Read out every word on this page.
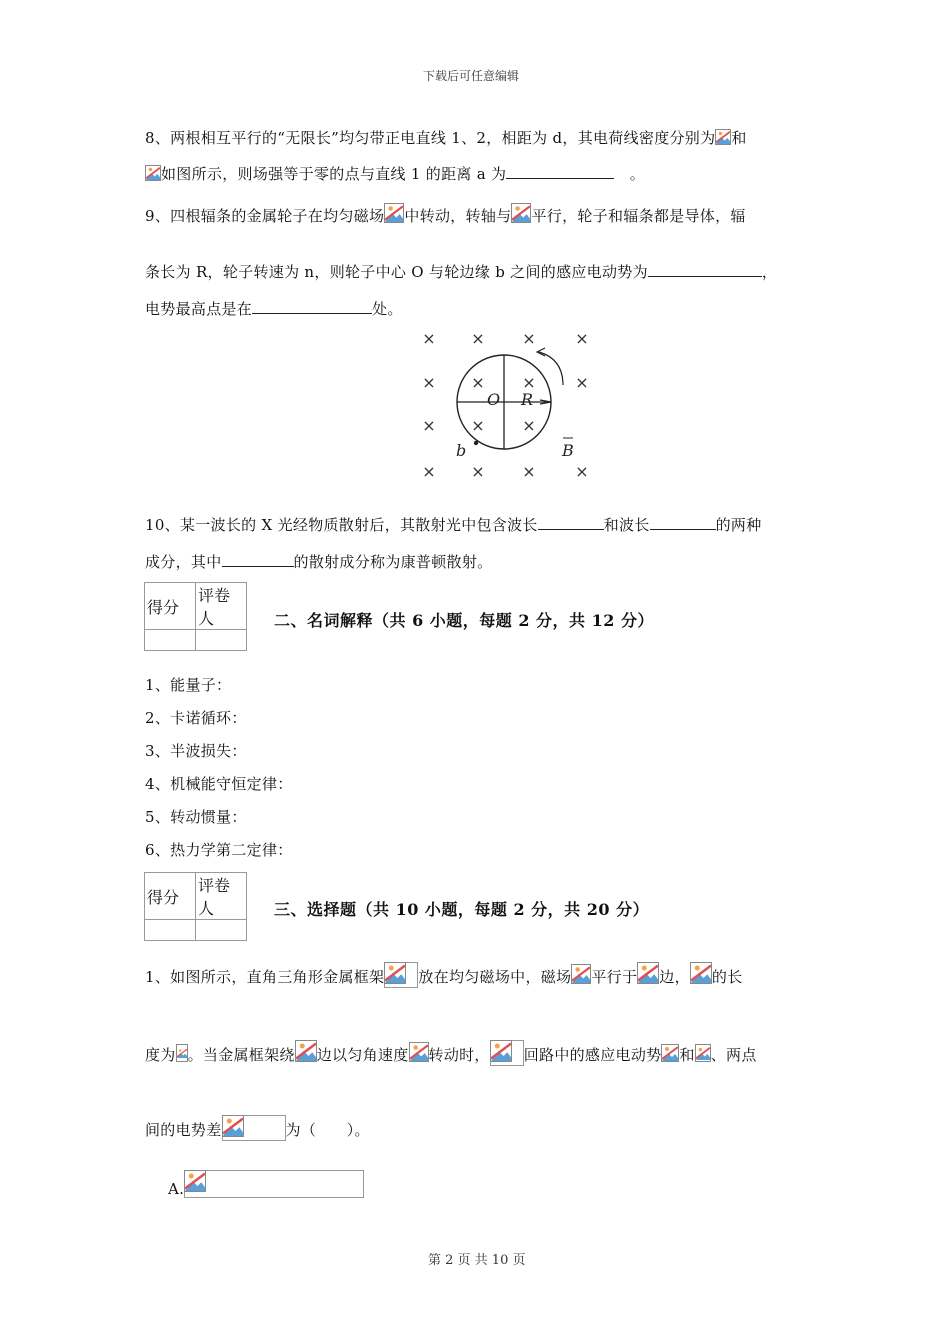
下载后可任意编辑
8、两根相互平行的“无限长”均匀带正电直线 1、2，相距为 d，其电荷线密度分别为 和
如图所示，则场强等于零的点与直线 1 的距离 a 为　	。
9、四根辐条的金属轮子在均匀磁场 中转动，转轴与 平行，轮子和辐条都是导体，辐
条长为 R，轮子转速为 n，则轮子中心 O 与轮边缘 b 之间的感应电动势为	，
电势最高点是在	处。
× × × ×
× × × ×
× × ×
× × × ×
O R
b	B
10、某一波长的 X 光经物质散射后，其散射光中包含波长	和波长	的两种
成分，其中	的散射成分称为康普顿散射。
得分	评卷人
		二、名词解释（共 6 小题，每题 2 分，共 12 分）
1、能量子：
2、卡诺循环：
3、半波损失：
4、机械能守恒定律：
5、转动惯量：
6、热力学第二定律：
得分	评卷人
		三、选择题（共 10 小题，每题 2 分，共 20 分）
1、如图所示，直角三角形金属框架 放在均匀磁场中，磁场 平行于 边， 的长
度为 。当金属框架绕 边以匀角速度 转动时， 回路中的感应电动势 和 、两点
间的电势差	为（　　）。
A.
第 2 页 共 10 页
